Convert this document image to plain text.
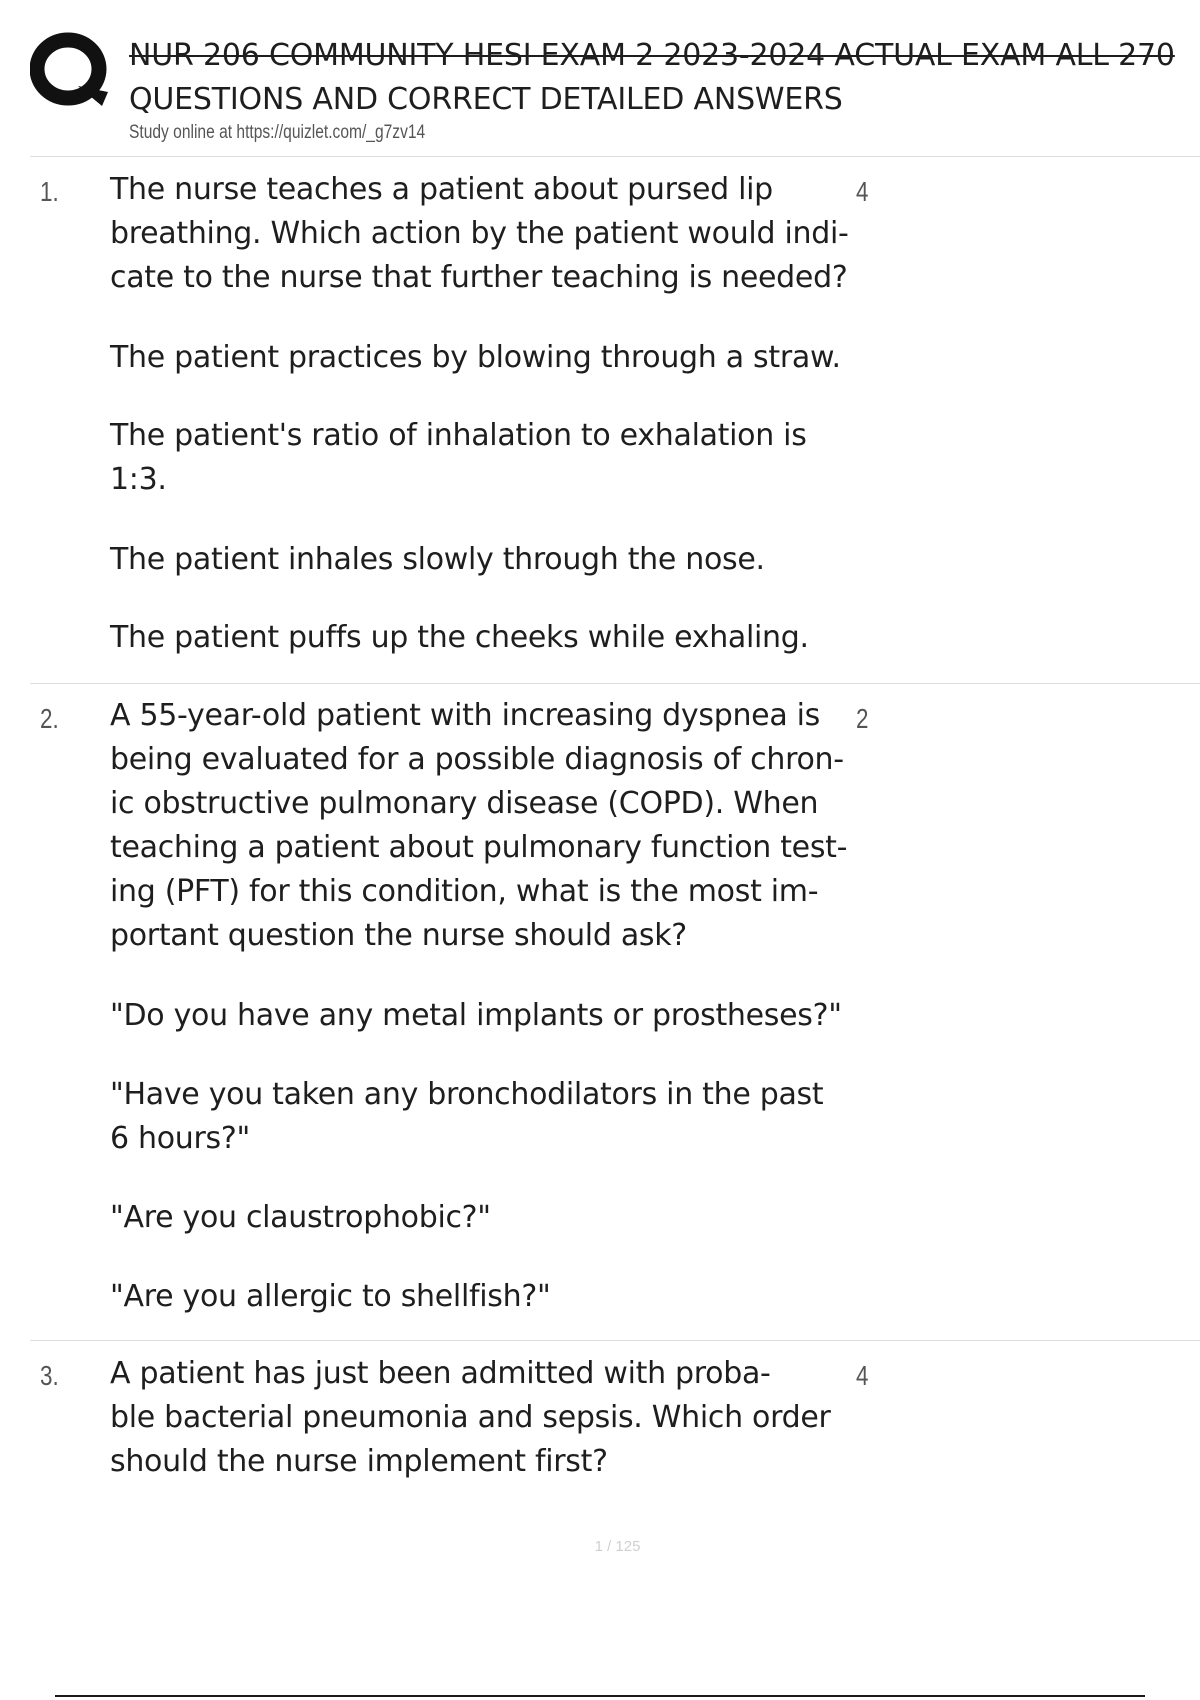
NUR 206 COMMUNITY HESI EXAM 2 2023-2024 ACTUAL EXAM ALL 270
QUESTIONS AND CORRECT DETAILED ANSWERS
Study online at https://quizlet.com/_g7zv14
1.	4
The nurse teaches a patient about pursed lip
breathing. Which action by the patient would indi-
cate to the nurse that further teaching is needed?
The patient practices by blowing through a straw.
The patient's ratio of inhalation to exhalation is
1:3.
The patient inhales slowly through the nose.
The patient puffs up the cheeks while exhaling.
2.	2
A 55-year-old patient with increasing dyspnea is
being evaluated for a possible diagnosis of chron-
ic obstructive pulmonary disease (COPD). When
teaching a patient about pulmonary function test-
ing (PFT) for this condition, what is the most im-
portant question the nurse should ask?
"Do you have any metal implants or prostheses?"
"Have you taken any bronchodilators in the past
6 hours?"
"Are you claustrophobic?"
"Are you allergic to shellfish?"
3.	4
A patient has just been admitted with proba-
ble bacterial pneumonia and sepsis. Which order
should the nurse implement first?
1 / 125
